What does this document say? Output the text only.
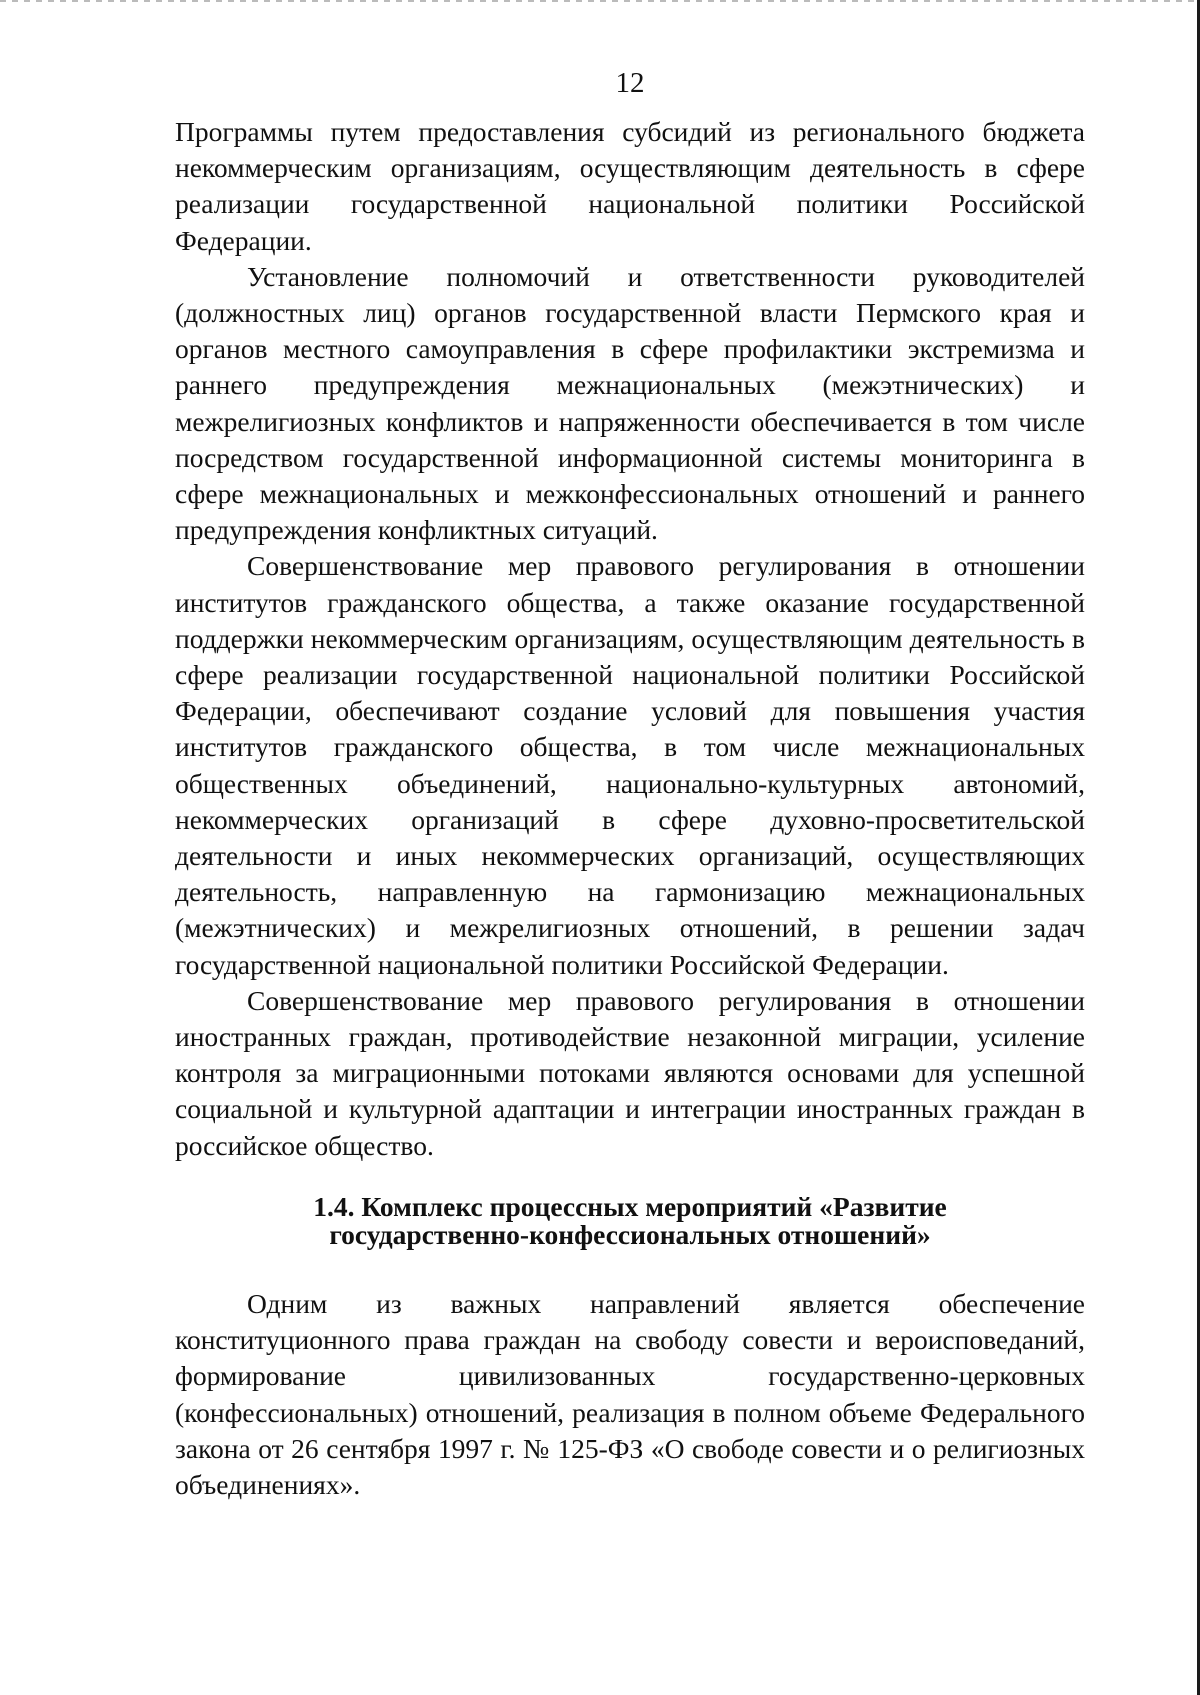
12

Программы путем предоставления субсидий из регионального бюджета некоммерческим организациям, осуществляющим деятельность в сфере реализации государственной национальной политики Российской Федерации.

Установление полномочий и ответственности руководителей (должностных лиц) органов государственной власти Пермского края и органов местного самоуправления в сфере профилактики экстремизма и раннего предупреждения межнациональных (межэтнических) и межрелигиозных конфликтов и напряженности обеспечивается в том числе посредством государственной информационной системы мониторинга в сфере межнациональных и межконфессиональных отношений и раннего предупреждения конфликтных ситуаций.

Совершенствование мер правового регулирования в отношении институтов гражданского общества, а также оказание государственной поддержки некоммерческим организациям, осуществляющим деятельность в сфере реализации государственной национальной политики Российской Федерации, обеспечивают создание условий для повышения участия институтов гражданского общества, в том числе межнациональных общественных объединений, национально-культурных автономий, некоммерческих организаций в сфере духовно-просветительской деятельности и иных некоммерческих организаций, осуществляющих деятельность, направленную на гармонизацию межнациональных (межэтнических) и межрелигиозных отношений, в решении задач государственной национальной политики Российской Федерации.

Совершенствование мер правового регулирования в отношении иностранных граждан, противодействие незаконной миграции, усиление контроля за миграционными потоками являются основами для успешной социальной и культурной адаптации и интеграции иностранных граждан в российское общество.

1.4. Комплекс процессных мероприятий «Развитие
государственно-конфессиональных отношений»

Одним из важных направлений является обеспечение конституционного права граждан на свободу совести и вероисповеданий, формирование цивилизованных государственно-церковных (конфессиональных) отношений, реализация в полном объеме Федерального закона от 26 сентября 1997 г. № 125-ФЗ «О свободе совести и о религиозных объединениях».
